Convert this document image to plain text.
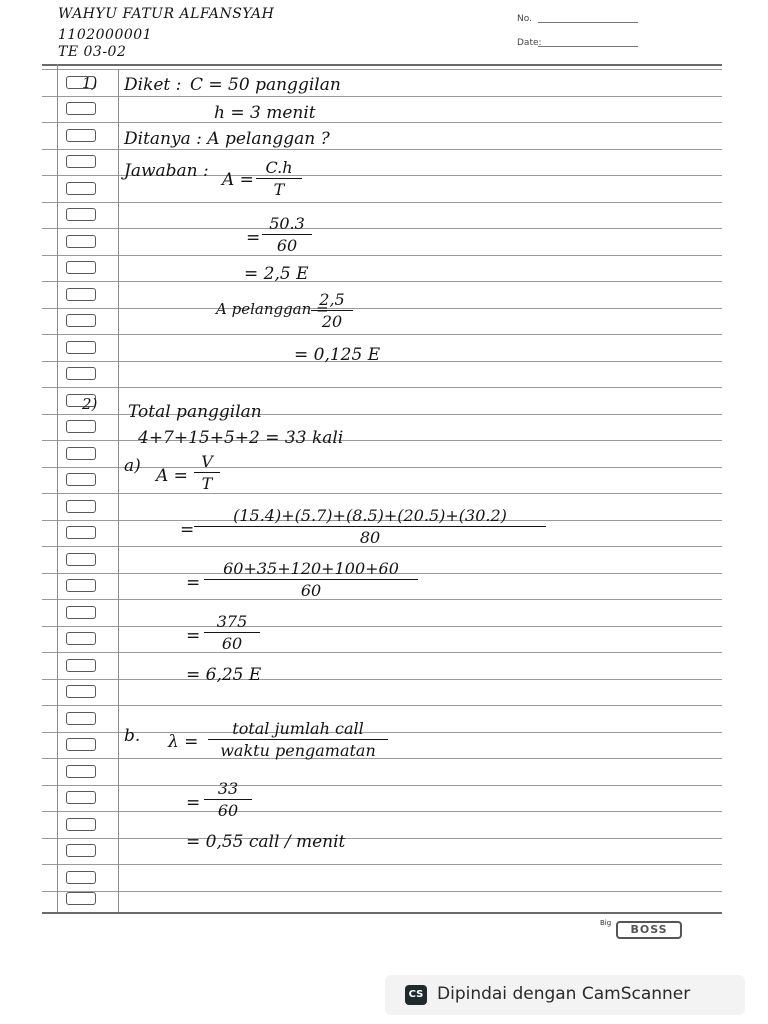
WAHYU FATUR ALFANSYAH
1102000001
TE 03-02
No.
Date:
1) Diket : C = 50 panggilan
h = 3 menit
Ditanya : A pelanggan ?
Jawaban : A =
C.h
T
=
50.3
60
= 2,5 E
A pelanggan =
2,5
20
= 0,125 E
2) Total panggilan
4+7+15+5+2 = 33 kali
a) A =
V
T
=
(15.4)+(5.7)+(8.5)+(20.5)+(30.2)
80
=
60+35+120+100+60
60
=
375
60
= 6,25 E
b. λ =
total jumlah call
waktu pengamatan
=
33
60
= 0,55 call / menit
Big	BOSS
CS Dipindai dengan CamScanner
